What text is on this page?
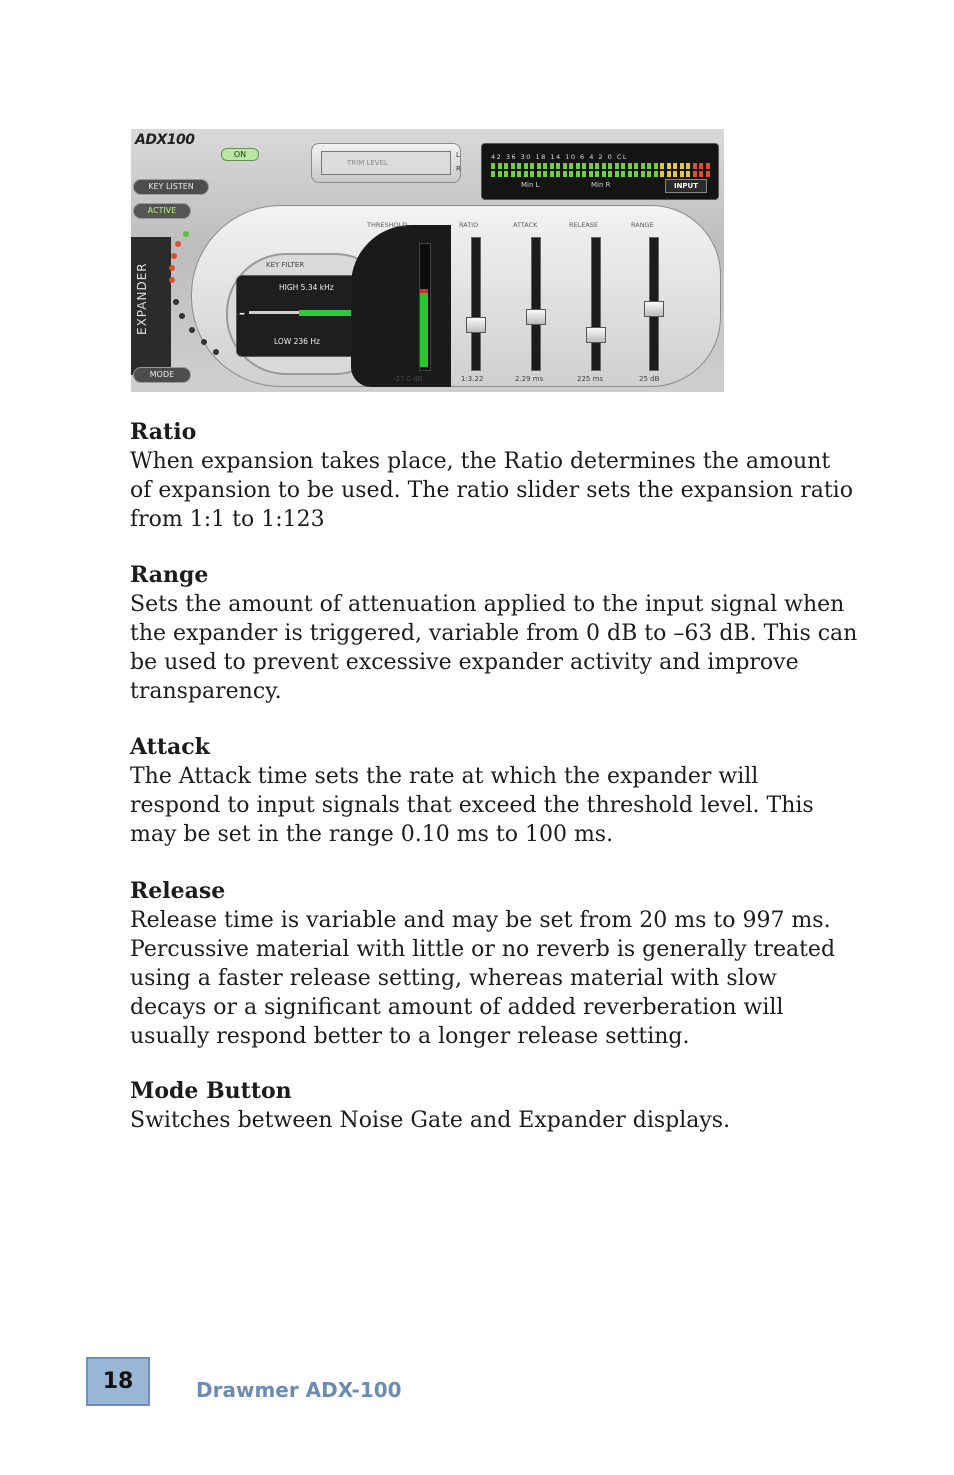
ADX100
ON
TRIM LEVEL
L
R
42 36 30 18 14 10 6 4 2 0 CL
Min L	Min R	INPUT
KEY LISTEN
ACTIVE
EXPANDER
MODE
KEY FILTER
HIGH 5.34 kHz
–
LOW 236 Hz
THRESHOLD	RATIO	ATTACK	RELEASE	RANGE
-27.0 dB	1:3.22	2.29 ms	225 ms	25 dB
Ratio

When expansion takes place, the Ratio determines the amount

of expansion to be used. The ratio slider sets the expansion ratio

from 1:1 to 1:123

Range

Sets the amount of attenuation applied to the input signal when

the expander is triggered, variable from 0 dB to –63 dB. This can

be used to prevent excessive expander activity and improve

transparency.

Attack

The Attack time sets the rate at which the expander will

respond to input signals that exceed the threshold level. This

may be set in the range 0.10 ms to 100 ms.

Release

Release time is variable and may be set from 20 ms to 997 ms.

Percussive material with little or no reverb is generally treated

using a faster release setting, whereas material with slow

decays or a significant amount of added reverberation will

usually respond better to a longer release setting.

Mode Button

Switches between Noise Gate and Expander displays.

18	Drawmer ADX-100
